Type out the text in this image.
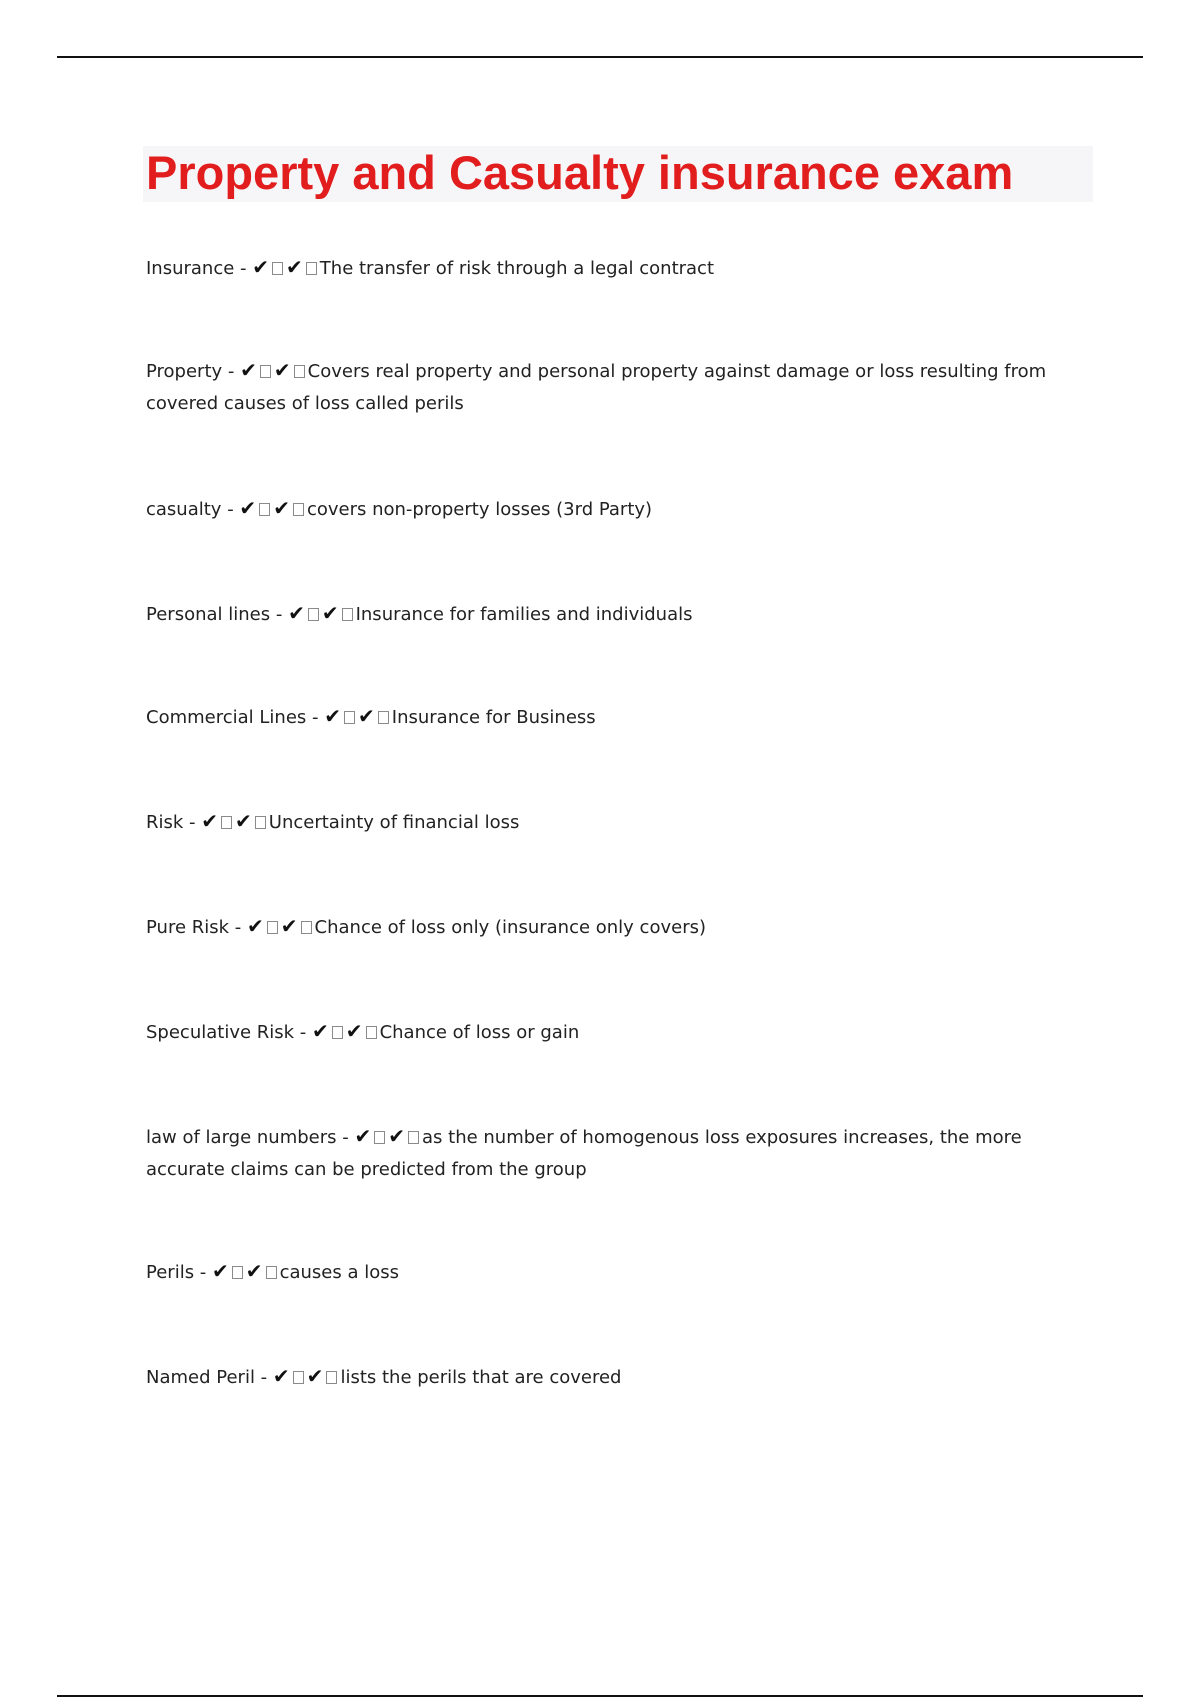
Property and Casualty insurance exam
Insurance - ✔ ✔ The transfer of risk through a legal contract
Property - ✔ ✔ Covers real property and personal property against damage or loss resulting from covered causes of loss called perils
casualty - ✔ ✔ covers non-property losses (3rd Party)
Personal lines - ✔ ✔ Insurance for families and individuals
Commercial Lines - ✔ ✔ Insurance for Business
Risk - ✔ ✔ Uncertainty of financial loss
Pure Risk - ✔ ✔ Chance of loss only (insurance only covers)
Speculative Risk - ✔ ✔ Chance of loss or gain
law of large numbers - ✔ ✔ as the number of homogenous loss exposures increases, the more accurate claims can be predicted from the group
Perils - ✔ ✔ causes a loss
Named Peril - ✔ ✔ lists the perils that are covered
